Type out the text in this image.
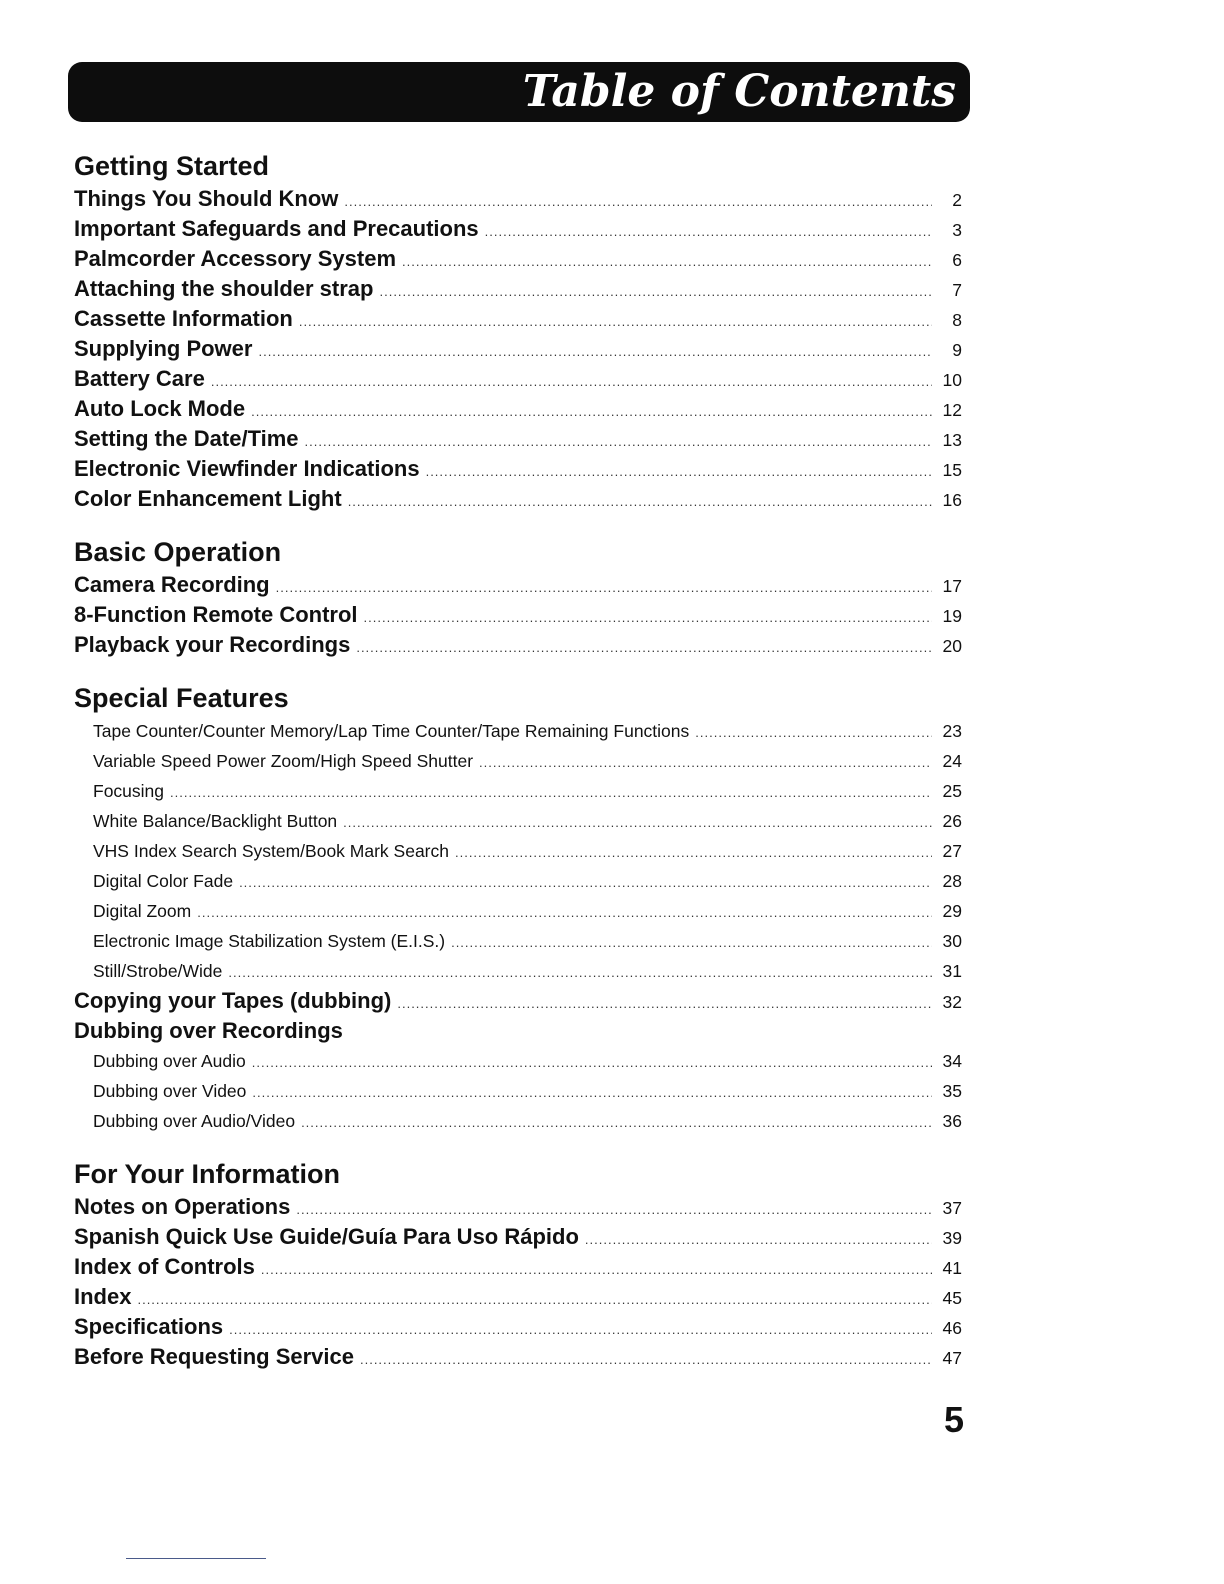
Table of Contents
Getting Started
Things You Should Know .....	2
Important Safeguards and Precautions .....	3
Palmcorder Accessory System .....	6
Attaching the shoulder strap .....	7
Cassette Information .....	8
Supplying Power .....	9
Battery Care .....	10
Auto Lock Mode .....	12
Setting the Date/Time .....	13
Electronic Viewfinder Indications .....	15
Color Enhancement Light .....	16
Basic Operation
Camera Recording .....	17
8-Function Remote Control .....	19
Playback your Recordings .....	20
Special Features
Tape Counter/Counter Memory/Lap Time Counter/Tape Remaining Functions .....	23
Variable Speed Power Zoom/High Speed Shutter .....	24
Focusing .....	25
White Balance/Backlight Button .....	26
VHS Index Search System/Book Mark Search .....	27
Digital Color Fade .....	28
Digital Zoom .....	29
Electronic Image Stabilization System (E.I.S.) .....	30
Still/Strobe/Wide .....	31
Copying your Tapes (dubbing) .....	32
Dubbing over Recordings
Dubbing over Audio .....	34
Dubbing over Video .....	35
Dubbing over Audio/Video .....	36
For Your Information
Notes on Operations .....	37
Spanish Quick Use Guide/Guía Para Uso Rápido .....	39
Index of Controls .....	41
Index .....	45
Specifications .....	46
Before Requesting Service .....	47
5
